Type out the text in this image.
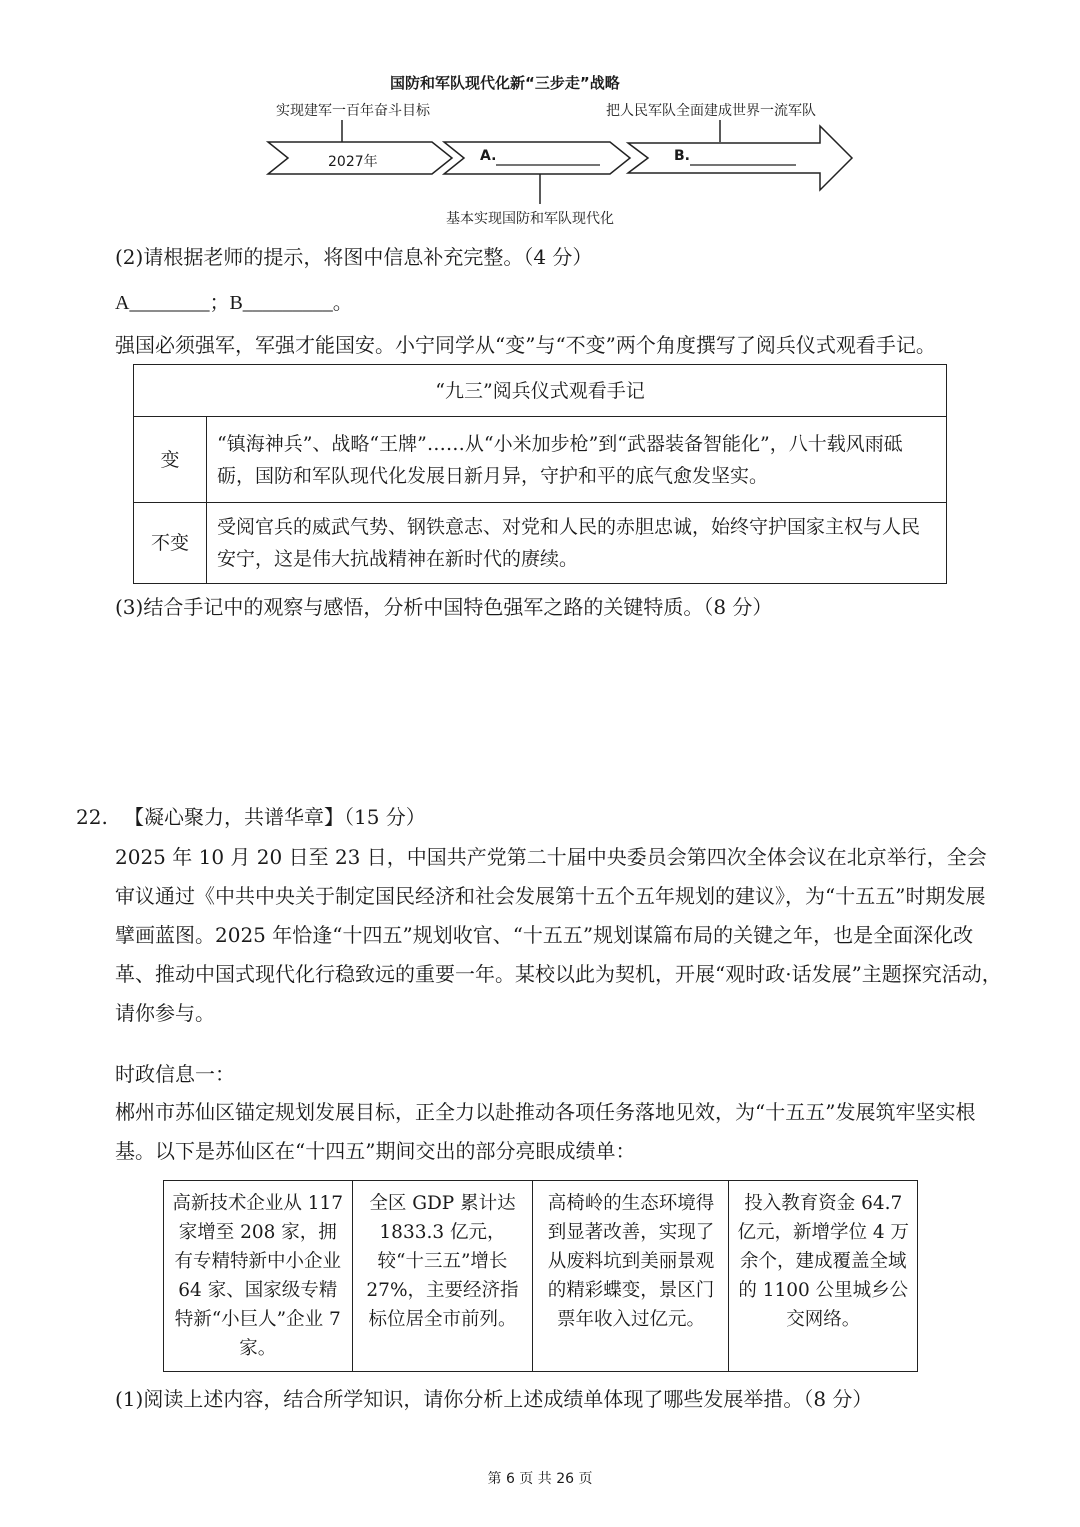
国防和军队现代化新“三步走”战略
实现建军一百年奋斗目标	把人民军队全面建成世界一流军队
2027年	A.	B.
基本实现国防和军队现代化
(2)请根据老师的提示，将图中信息补充完整。（4 分）
A________；B_________。
强国必须强军，军强才能国安。小宁同学从“变”与“不变”两个角度撰写了阅兵仪式观看手记。
“九三”阅兵仪式观看手记	
变	“镇海神兵”、战略“王牌”……从“小米加步枪”到“武器装备智能化”，八十载风雨砥砺，国防和军队现代化发展日新月异，守护和平的底气愈发坚实。
不变	受阅官兵的威武气势、钢铁意志、对党和人民的赤胆忠诚，始终守护国家主权与人民安宁，这是伟大抗战精神在新时代的赓续。
(3)结合手记中的观察与感悟，分析中国特色强军之路的关键特质。（8 分）
22. 【凝心聚力，共谱华章】（15 分）
2025 年 10 月 20 日至 23 日，中国共产党第二十届中央委员会第四次全体会议在北京举行，全会审议通过《中共中央关于制定国民经济和社会发展第十五个五年规划的建议》，为“十五五”时期发展擘画蓝图。2025 年恰逢“十四五”规划收官、“十五五”规划谋篇布局的关键之年，也是全面深化改革、推动中国式现代化行稳致远的重要一年。某校以此为契机，开展“观时政·话发展”主题探究活动，请你参与。
时政信息一：
郴州市苏仙区锚定规划发展目标，正全力以赴推动各项任务落地见效，为“十五五”发展筑牢坚实根基。以下是苏仙区在“十四五”期间交出的部分亮眼成绩单：
高新技术企业从 117 家增至 208 家，拥有专精特新中小企业 64 家、国家级专精特新“小巨人”企业 7 家。	全区 GDP 累计达 1833.3 亿元，较“十三五”增长 27%，主要经济指标位居全市前列。	高椅岭的生态环境得到显著改善，实现了从废料坑到美丽景观的精彩蝶变，景区门票年收入过亿元。	投入教育资金 64.7 亿元，新增学位 4 万余个，建成覆盖全域的 1100 公里城乡公交网络。
(1)阅读上述内容，结合所学知识，请你分析上述成绩单体现了哪些发展举措。（8 分）
第 6 页 共 26 页
